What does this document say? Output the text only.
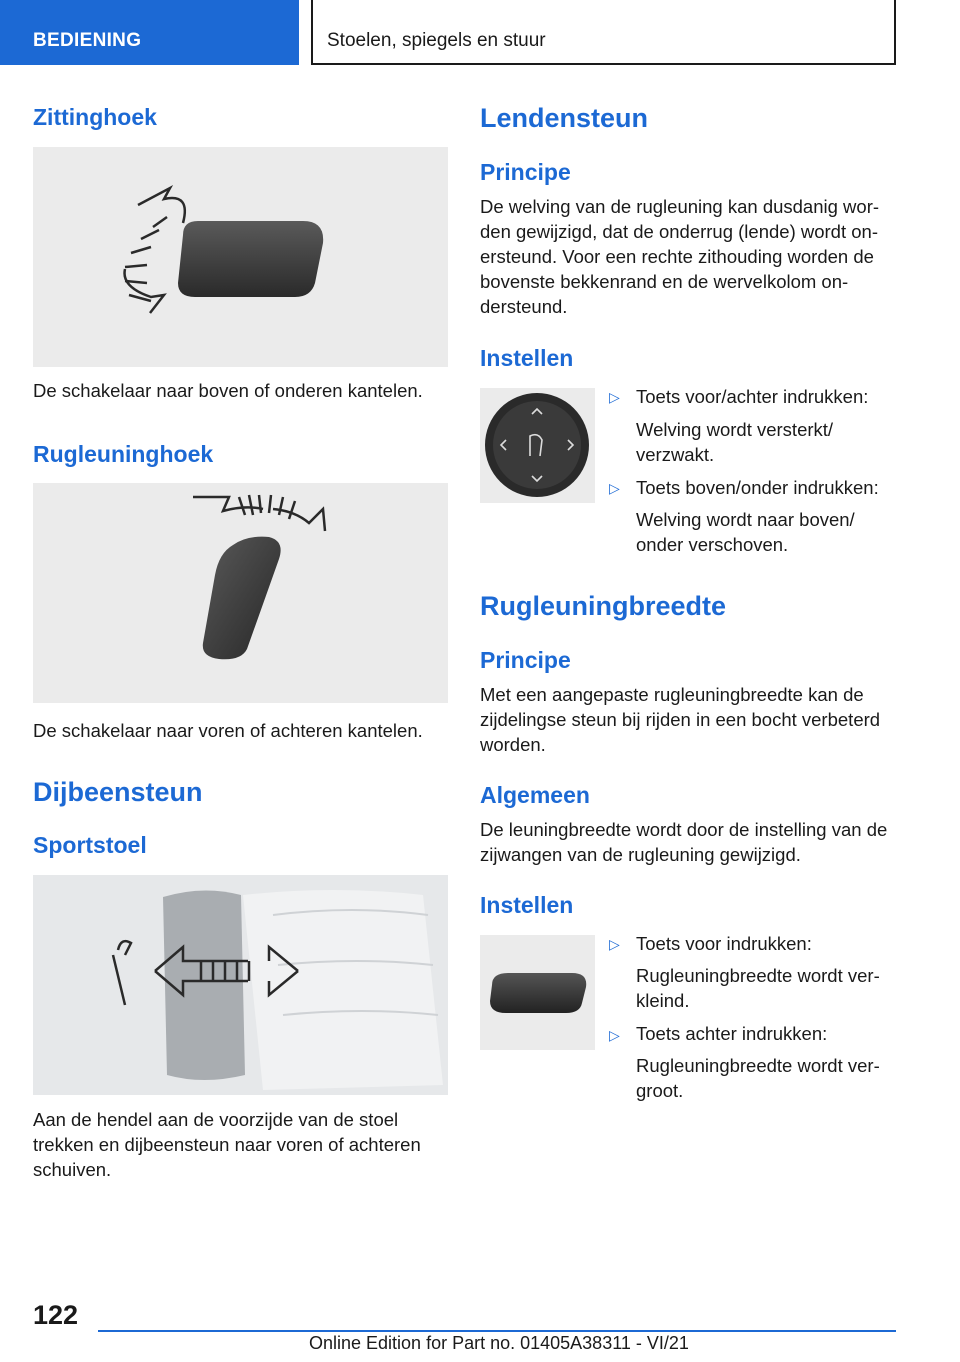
BEDIENING	Stoelen, spiegels en stuur
Zittinghoek
De schakelaar naar boven of onderen kantelen.
Rugleuninghoek
De schakelaar naar voren of achteren kantelen.
Dijbeensteun
Sportstoel
Aan de hendel aan de voorzijde van de stoel trekken en dijbeensteun naar voren of achteren schuiven.
Lendensteun
Principe
De welving van de rugleuning kan dusdanig worden gewijzigd, dat de onderrug (lende) wordt onersteund. Voor een rechte zithouding worden de bovenste bekkenrand en de wervelkolom ondersteund.
Instellen
▷ Toets voor/achter indrukken:
Welving wordt versterkt/ verzwakt.
▷ Toets boven/onder indrukken:
Welving wordt naar boven/ onder verschoven.
Rugleuningbreedte
Principe
Met een aangepaste rugleuningbreedte kan de zijdelingse steun bij rijden in een bocht verbeterd worden.
Algemeen
De leuningbreedte wordt door de instelling van de zijwangen van de rugleuning gewijzigd.
Instellen
▷ Toets voor indrukken:
Rugleuningbreedte wordt verkleind.
▷ Toets achter indrukken:
Rugleuningbreedte wordt vergroot.
122
Online Edition for Part no. 01405A38311 - VI/21
